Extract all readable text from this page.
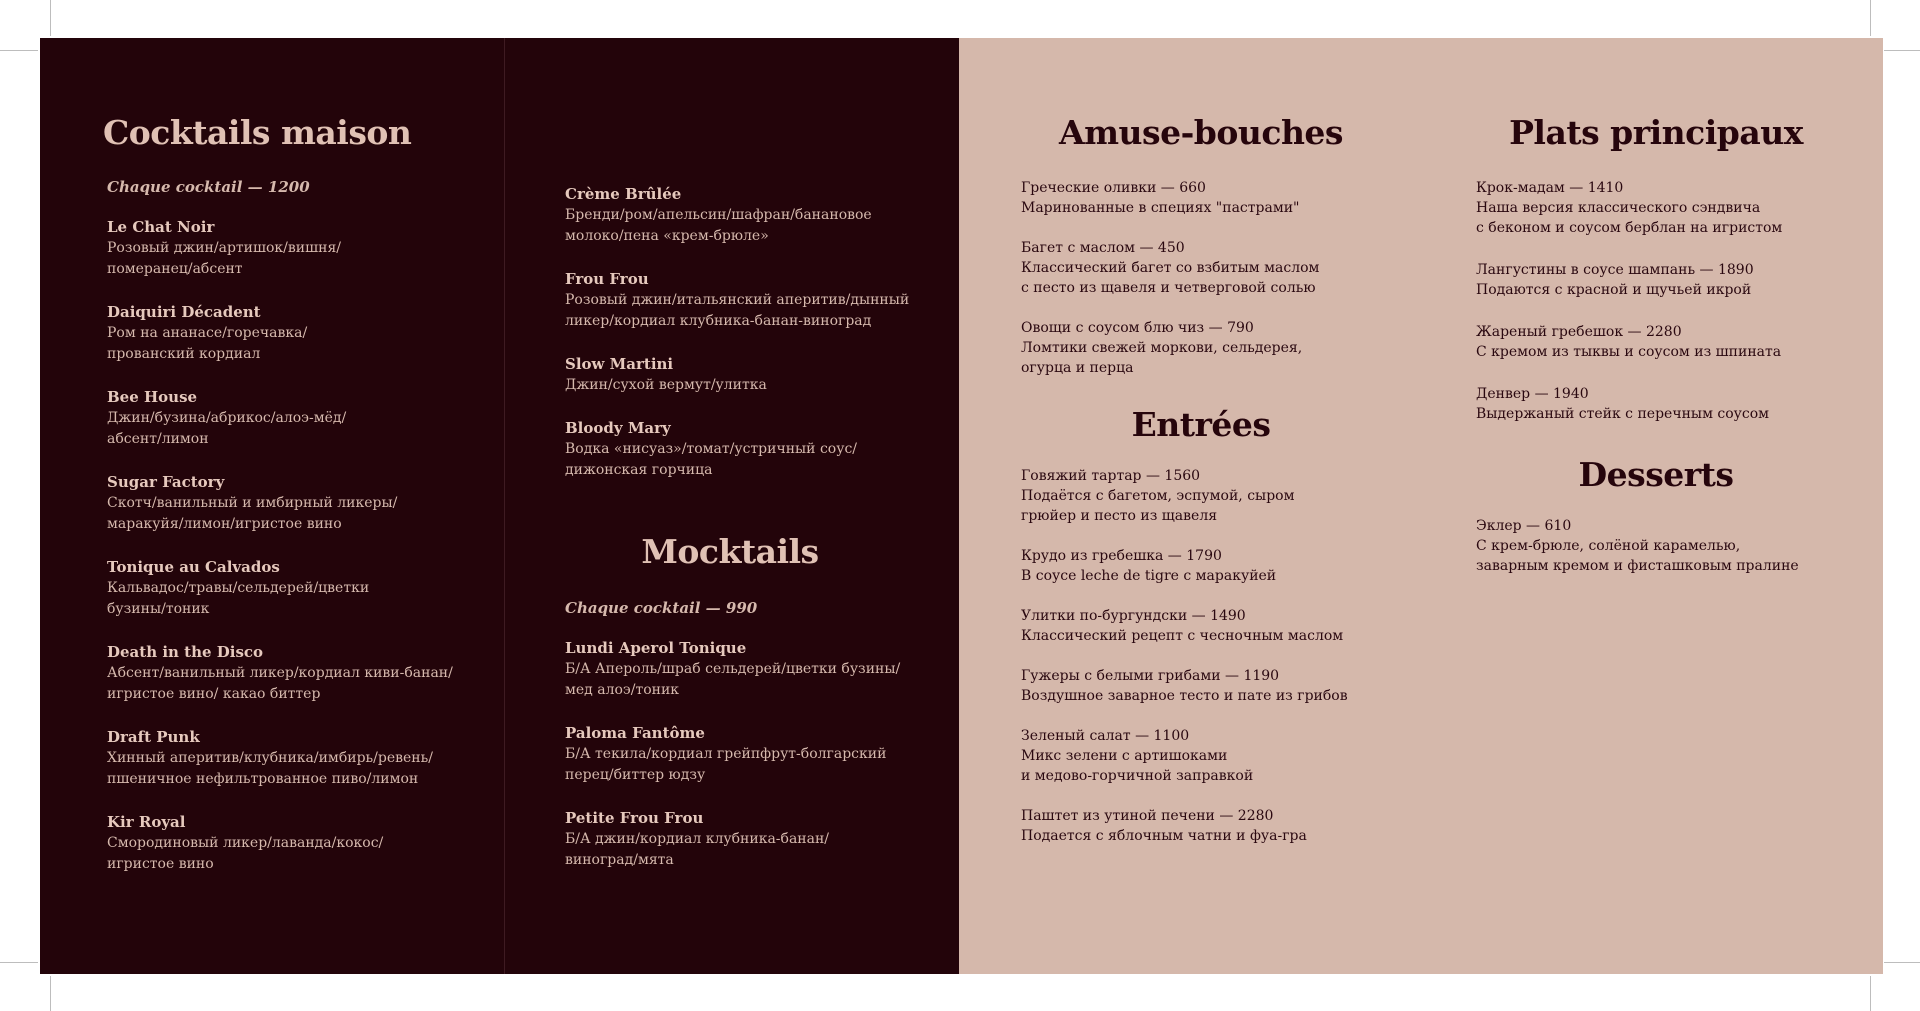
Cocktails maison

Chaque cocktail — 1200

Le Chat Noir
Розовый джин/артишок/вишня/
померанец/абсент
Daiquiri Décadent
Ром на ананасе/горечавка/
прованский кордиал
Bee House
Джин/бузина/абрикос/алоэ-мёд/
абсент/лимон
Sugar Factory
Скотч/ванильный и имбирный ликеры/
маракуйя/лимон/игристое вино
Tonique au Calvados
Кальвадос/травы/сельдерей/цветки
бузины/тоник
Death in the Disco
Абсент/ванильный ликер/кордиал киви-банан/
игристое вино/ какао биттер
Draft Punk
Хинный аперитив/клубника/имбирь/ревень/
пшеничное нефильтрованное пиво/лимон
Kir Royal
Смородиновый ликер/лаванда/кокос/
игристое вино
Crème Brûlée
Бренди/ром/апельсин/шафран/банановое
молоко/пена «крем-брюле»
Frou Frou
Розовый джин/итальянский аперитив/дынный
ликер/кордиал клубника-банан-виноград
Slow Martini
Джин/сухой вермут/улитка
Bloody Mary
Водка «нисуаз»/томат/устричный соус/
дижонская горчица
Mocktails

Chaque cocktail — 990

Lundi Aperol Tonique
Б/А Апероль/шраб сельдерей/цветки бузины/
мед алоэ/тоник
Paloma Fantôme
Б/А текила/кордиал грейпфрут-болгарский
перец/биттер юдзу
Petite Frou Frou
Б/А джин/кордиал клубника-банан/
виноград/мята
Amuse-bouches
Греческие оливки — 660
Маринованные в специях "пастрами"
Багет с маслом — 450
Классический багет со взбитым маслом
с песто из щавеля и четверговой солью
Овощи с соусом блю чиз — 790
Ломтики свежей моркови, сельдерея,
огурца и перца
Entrées
Говяжий тартар — 1560
Подаётся с багетом, эспумой, сыром
грюйер и песто из щавеля
Крудо из гребешка — 1790
В соусе leche de tigre с маракуйей
Улитки по-бургундски — 1490
Классический рецепт с чесночным маслом
Гужеры с белыми грибами — 1190
Воздушное заварное тесто и пате из грибов
Зеленый салат — 1100
Микс зелени с артишоками
и медово-горчичной заправкой
Паштет из утиной печени — 2280
Подается с яблочным чатни и фуа-гра
Plats principaux
Крок-мадам — 1410
Наша версия классического сэндвича
с беконом и соусом берблан на игристом
Лангустины в соусе шампань — 1890
Подаются с красной и щучьей икрой
Жареный гребешок — 2280
С кремом из тыквы и соусом из шпината
Денвер — 1940
Выдержаный стейк с перечным соусом
Desserts
Эклер — 610
С крем-брюле, солёной карамелью,
заварным кремом и фисташковым пралине
